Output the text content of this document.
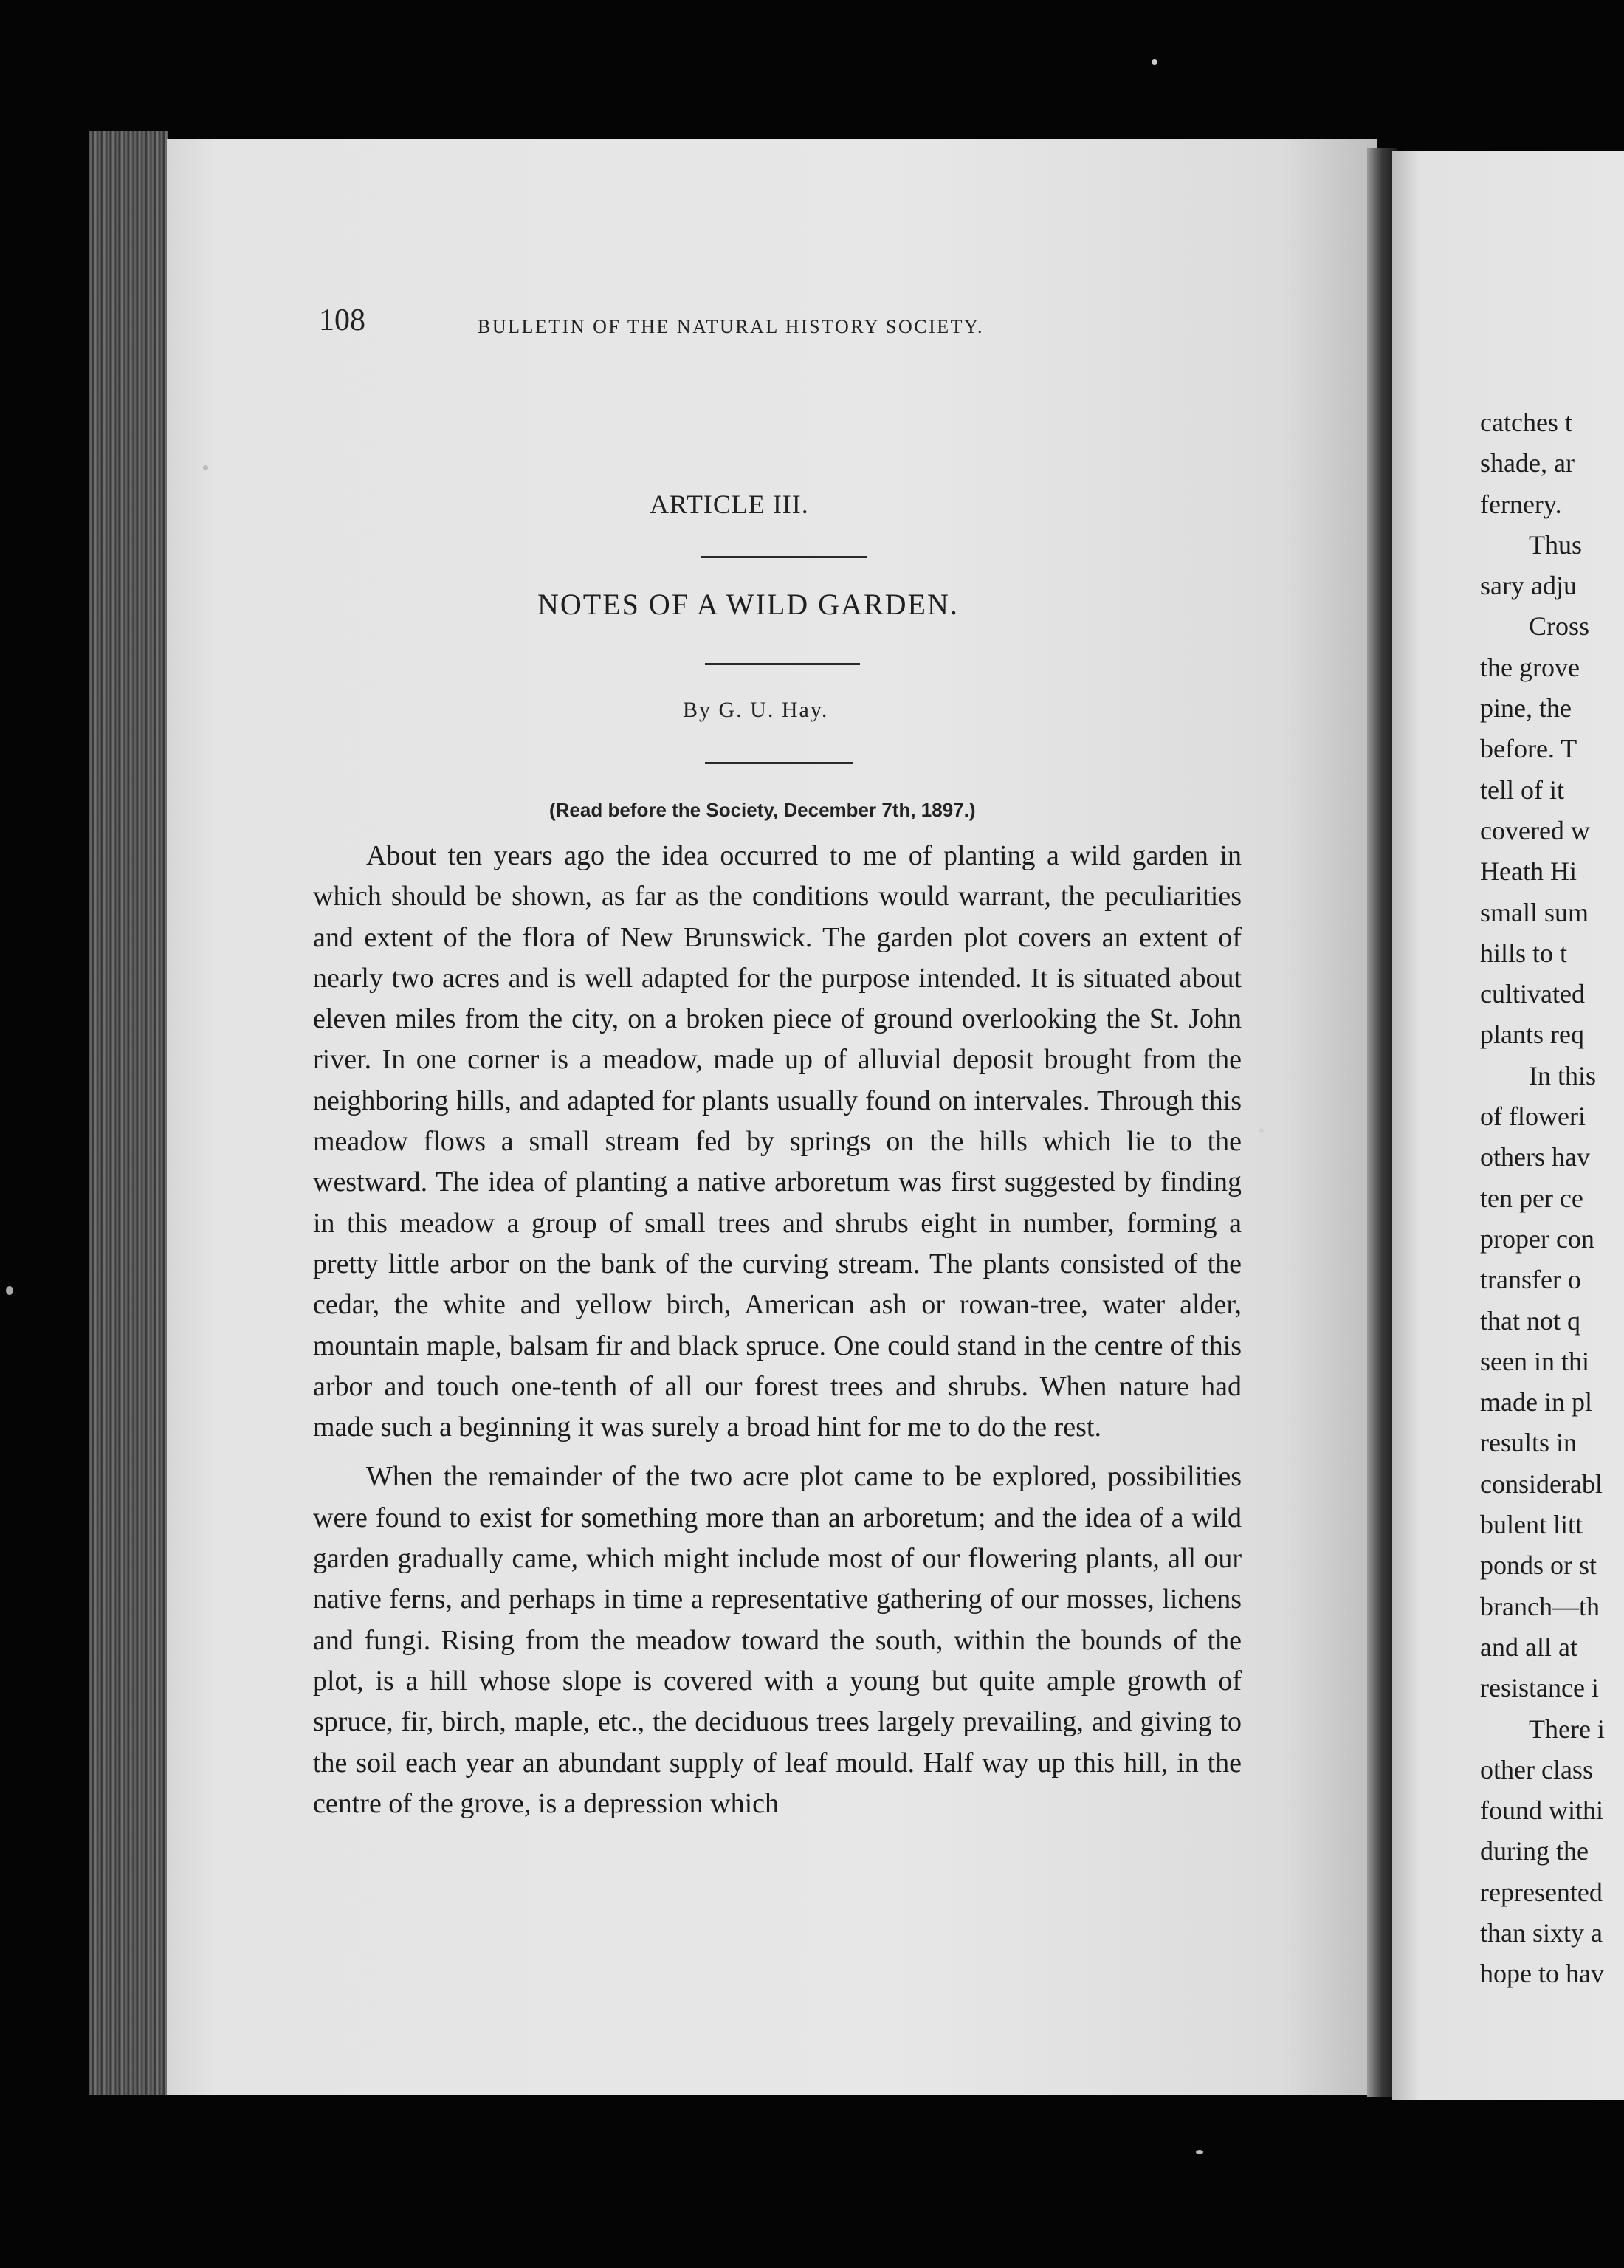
108	BULLETIN OF THE NATURAL HISTORY SOCIETY.
ARTICLE III.
NOTES OF A WILD GARDEN.
By G. U. Hay.
(Read before the Society, December 7th, 1897.)

About ten years ago the idea occurred to me of planting a wild garden in which should be shown, as far as the conditions would warrant, the peculiarities and extent of the flora of New Brunswick. The garden plot covers an extent of nearly two acres and is well adapted for the purpose intended. It is situated about eleven miles from the city, on a broken piece of ground overlooking the St. John river. In one corner is a meadow, made up of alluvial deposit brought from the neighboring hills, and adapted for plants usually found on intervales. Through this meadow flows a small stream fed by springs on the hills which lie to the westward. The idea of planting a native arboretum was first suggested by finding in this meadow a group of small trees and shrubs eight in number, forming a pretty little arbor on the bank of the curving stream. The plants consisted of the cedar, the white and yellow birch, American ash or rowan-tree, water alder, mountain maple, balsam fir and black spruce. One could stand in the centre of this arbor and touch one-tenth of all our forest trees and shrubs. When nature had made such a beginning it was surely a broad hint for me to do the rest.

When the remainder of the two acre plot came to be explored, possibilities were found to exist for something more than an arboretum; and the idea of a wild garden gradually came, which might include most of our flowering plants, all our native ferns, and perhaps in time a representative gathering of our mosses, lichens and fungi. Rising from the meadow toward the south, within the bounds of the plot, is a hill whose slope is covered with a young but quite ample growth of spruce, fir, birch, maple, etc., the deciduous trees largely prevailing, and giving to the soil each year an abundant supply of leaf mould. Half way up this hill, in the centre of the grove, is a depression which

catches t
shade, ar
fernery.
Thus
sary adju
Cross
the grove
pine, the
before. T
tell of it
covered w
Heath Hi
small sum
hills to t
cultivated
plants req
In this
of floweri
others hav
ten per ce
proper con
transfer o
that not q
seen in thi
made in pl
results in
considerabl
bulent litt
ponds or st
branch—th
and all at
resistance i
There i
other class
found withi
during the
represented
than sixty a
hope to hav
